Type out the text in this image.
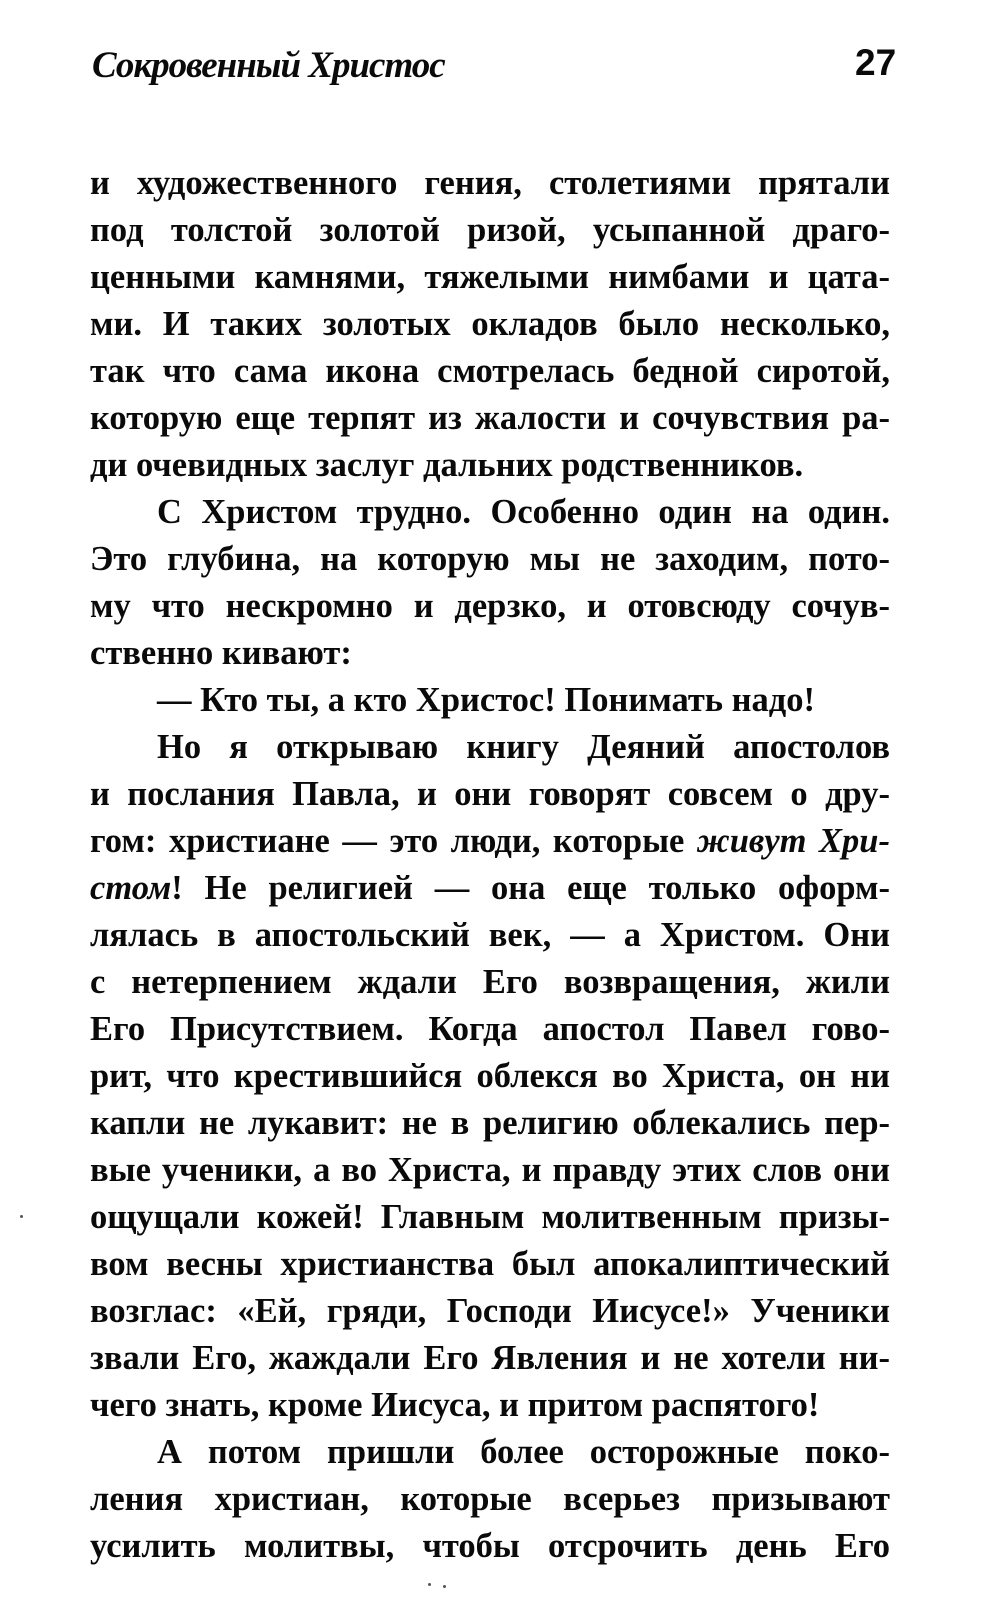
Сокровенный Христос	27
и художественного гения, столетиями прятали
под толстой золотой ризой, усыпанной драго-
ценными камнями, тяжелыми нимбами и цата-
ми. И таких золотых окладов было несколько,
так что сама икона смотрелась бедной сиротой,
которую еще терпят из жалости и сочувствия ра-
ди очевидных заслуг дальних родственников.
С Христом трудно. Особенно один на один.
Это глубина, на которую мы не заходим, пото-
му что нескромно и дерзко, и отовсюду сочув-
ственно кивают:
— Кто ты, а кто Христос! Понимать надо!
Но я открываю книгу Деяний апостолов
и послания Павла, и они говорят совсем о дру-
гом: христиане — это люди, которые живут Хри-
стом! Не религией — она еще только оформ-
лялась в апостольский век, — а Христом. Они
с нетерпением ждали Его возвращения, жили
Его Присутствием. Когда апостол Павел гово-
рит, что крестившийся облекся во Христа, он ни
капли не лукавит: не в религию облекались пер-
вые ученики, а во Христа, и правду этих слов они
ощущали кожей! Главным молитвенным призы-
вом весны христианства был апокалиптический
возглас: «Ей, гряди, Господи Иисусе!» Ученики
звали Его, жаждали Его Явления и не хотели ни-
чего знать, кроме Иисуса, и притом распятого!
А потом пришли более осторожные поко-
ления христиан, которые всерьез призывают
усилить молитвы, чтобы отсрочить день Его
